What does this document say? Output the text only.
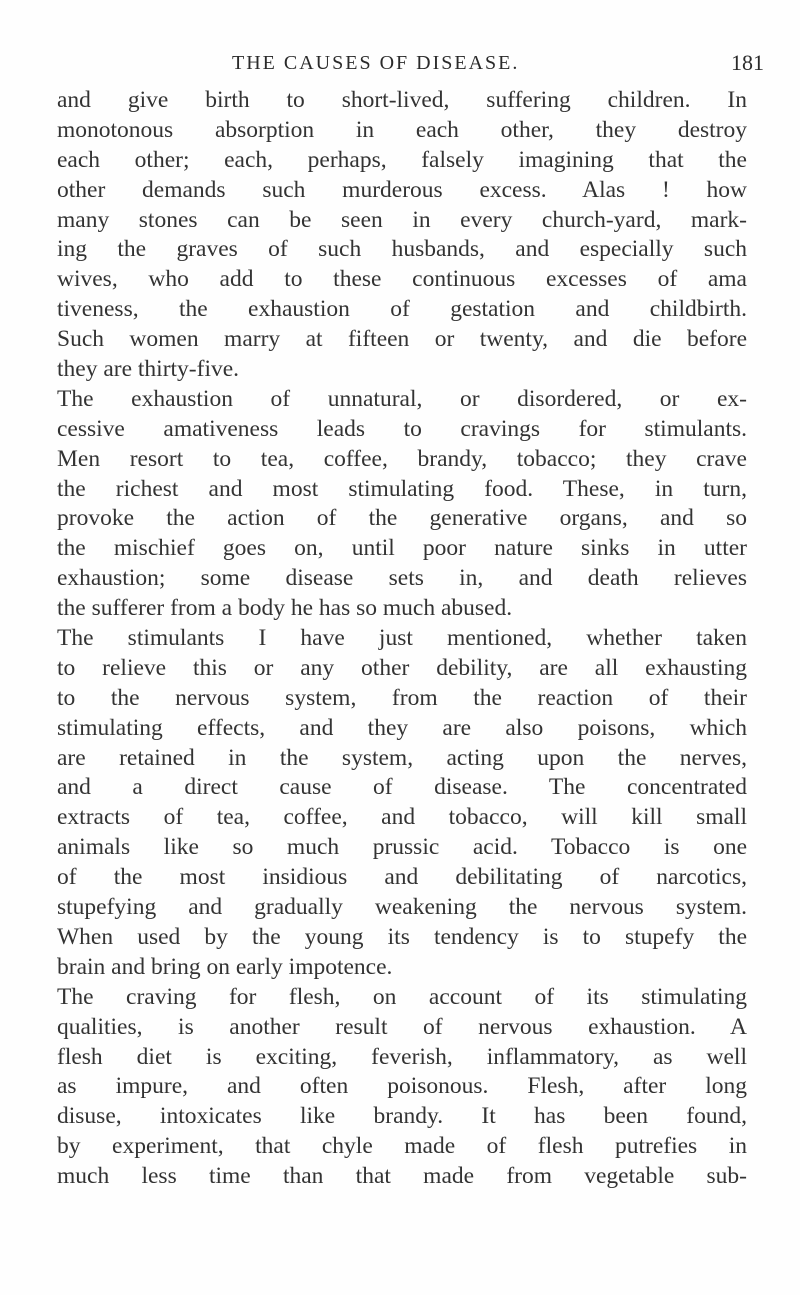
THE CAUSES OF DISEASE.	181
and give birth to short-lived, suffering children. In
monotonous absorption in each other, they destroy
each other; each, perhaps, falsely imagining that the
other demands such murderous excess. Alas ! how
many stones can be seen in every church-yard, mark-
ing the graves of such husbands, and especially such
wives, who add to these continuous excesses of ama
tiveness, the exhaustion of gestation and childbirth.
Such women marry at fifteen or twenty, and die before
they are thirty-five.
The exhaustion of unnatural, or disordered, or ex-
cessive amativeness leads to cravings for stimulants.
Men resort to tea, coffee, brandy, tobacco; they crave
the richest and most stimulating food. These, in turn,
provoke the action of the generative organs, and so
the mischief goes on, until poor nature sinks in utter
exhaustion; some disease sets in, and death relieves
the sufferer from a body he has so much abused.
The stimulants I have just mentioned, whether taken
to relieve this or any other debility, are all exhausting
to the nervous system, from the reaction of their
stimulating effects, and they are also poisons, which
are retained in the system, acting upon the nerves,
and a direct cause of disease. The concentrated
extracts of tea, coffee, and tobacco, will kill small
animals like so much prussic acid. Tobacco is one
of the most insidious and debilitating of narcotics,
stupefying and gradually weakening the nervous system.
When used by the young its tendency is to stupefy the
brain and bring on early impotence.
The craving for flesh, on account of its stimulating
qualities, is another result of nervous exhaustion. A
flesh diet is exciting, feverish, inflammatory, as well
as impure, and often poisonous. Flesh, after long
disuse, intoxicates like brandy. It has been found,
by experiment, that chyle made of flesh putrefies in
much less time than that made from vegetable sub-
